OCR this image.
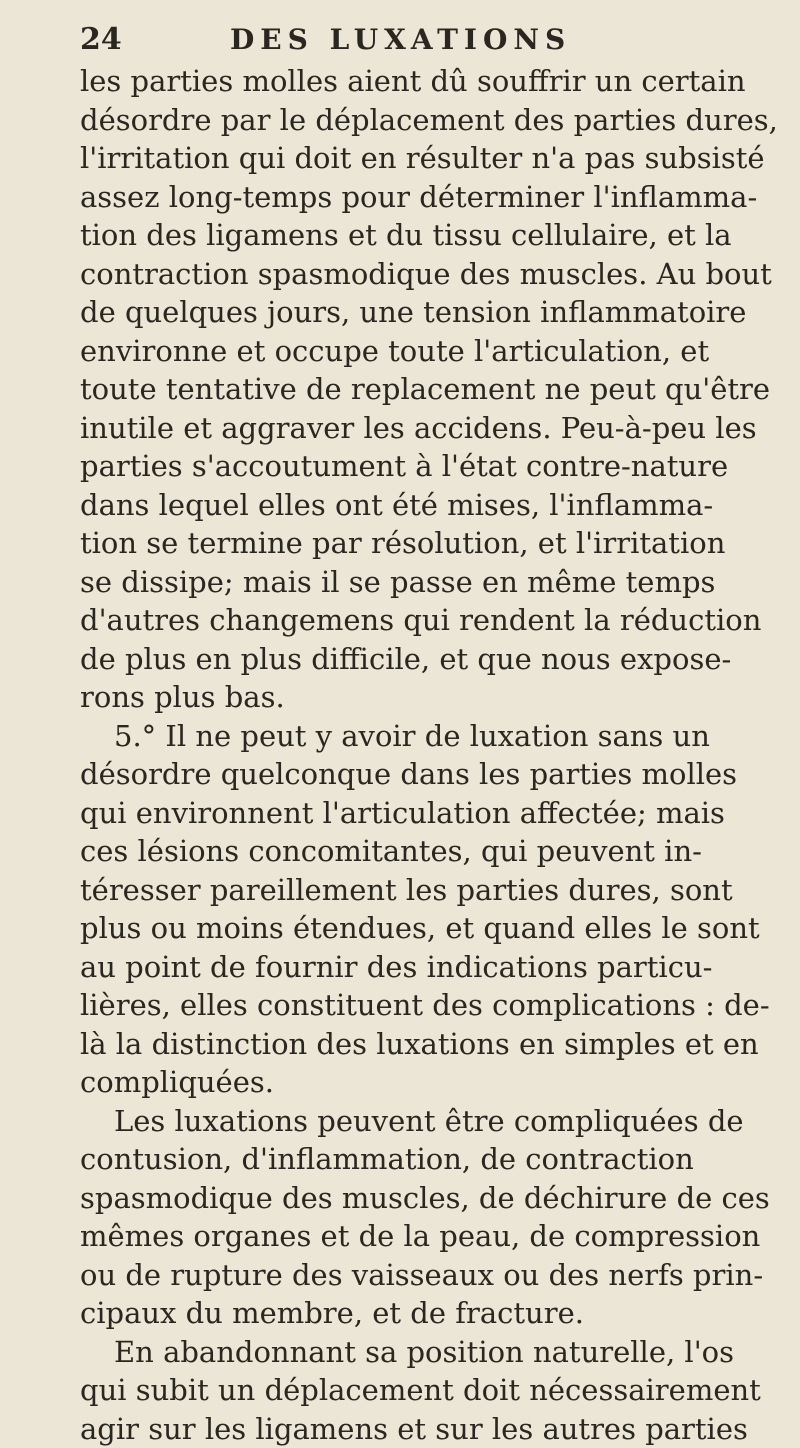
24	DES LUXATIONS
les parties molles aient dû souffrir un certain
désordre par le déplacement des parties dures,
l'irritation qui doit en résulter n'a pas subsisté
assez long-temps pour déterminer l'inflamma-
tion des ligamens et du tissu cellulaire, et la
contraction spasmodique des muscles. Au bout
de quelques jours, une tension inflammatoire
environne et occupe toute l'articulation, et
toute tentative de replacement ne peut qu'être
inutile et aggraver les accidens. Peu-à-peu les
parties s'accoutument à l'état contre-nature
dans lequel elles ont été mises, l'inflamma-
tion se termine par résolution, et l'irritation
se dissipe; mais il se passe en même temps
d'autres changemens qui rendent la réduction
de plus en plus difficile, et que nous expose-
rons plus bas.
5.° Il ne peut y avoir de luxation sans un
désordre quelconque dans les parties molles
qui environnent l'articulation affectée; mais
ces lésions concomitantes, qui peuvent in-
téresser pareillement les parties dures, sont
plus ou moins étendues, et quand elles le sont
au point de fournir des indications particu-
lières, elles constituent des complications : de-
là la distinction des luxations en simples et en
compliquées.
Les luxations peuvent être compliquées de
contusion, d'inflammation, de contraction
spasmodique des muscles, de déchirure de ces
mêmes organes et de la peau, de compression
ou de rupture des vaisseaux ou des nerfs prin-
cipaux du membre, et de fracture.
En abandonnant sa position naturelle, l'os
qui subit un déplacement doit nécessairement
agir sur les ligamens et sur les autres parties
